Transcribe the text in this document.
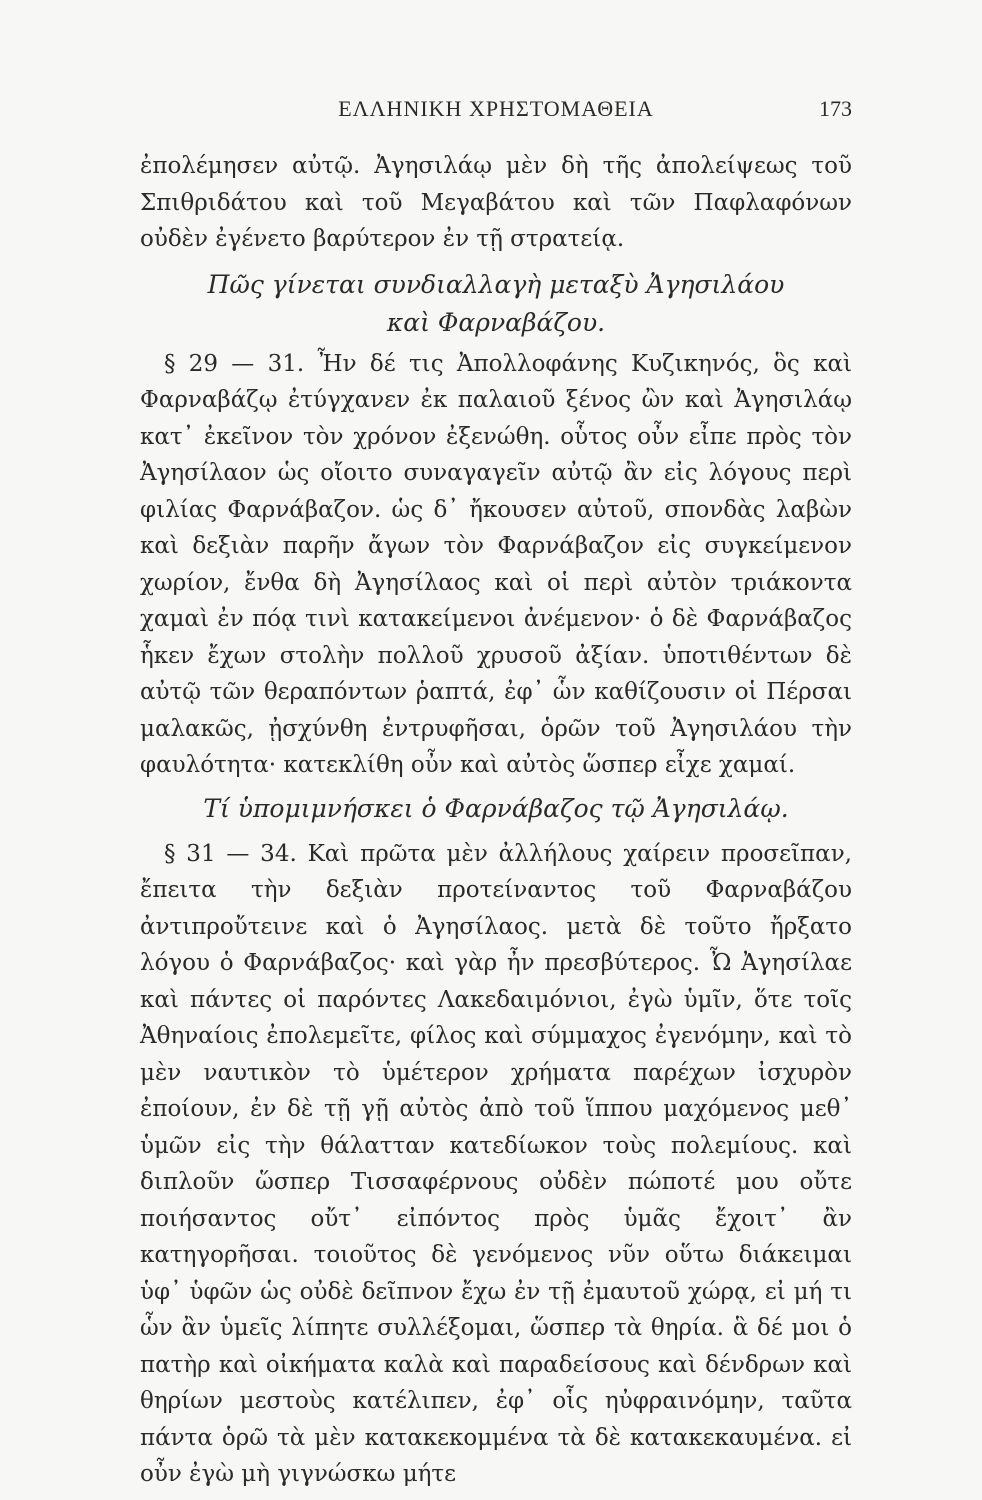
ΕΛΛΗΝΙΚΗ ΧΡΗΣΤΟΜΑΘΕΙΑ	173

ἐπολέμησεν αὐτῷ. Ἀγησιλάῳ μὲν δὴ τῆς ἀπολείψεως τοῦ Σπιθριδάτου καὶ τοῦ Μεγαβάτου καὶ τῶν Παφλαφόνων οὐδὲν ἐγένετο βαρύτερον ἐν τῇ στρατείᾳ.

Πῶς γίνεται συνδιαλλαγὴ μεταξὺ Ἀγησιλάου
καὶ Φαρναβάζου.

§ 29 — 31. Ἦν δέ τις Ἀπολλοφάνης Κυζικηνός, ὃς καὶ Φαρναβάζῳ ἐτύγχανεν ἐκ παλαιοῦ ξένος ὢν καὶ Ἀγησιλάῳ κατ᾽ ἐκεῖνον τὸν χρόνον ἐξενώθη. οὗτος οὖν εἶπε πρὸς τὸν Ἀγησίλαον ὡς οἴοιτο συναγαγεῖν αὐτῷ ἂν εἰς λόγους περὶ φιλίας Φαρνάβαζον. ὡς δ᾽ ἤκουσεν αὐτοῦ, σπονδὰς λαβὼν καὶ δεξιὰν παρῆν ἄγων τὸν Φαρνάβαζον εἰς συγκείμενον χωρίον, ἔνθα δὴ Ἀγησίλαος καὶ οἱ περὶ αὐτὸν τριάκοντα χαμαὶ ἐν πόᾳ τινὶ κατακείμενοι ἀνέμενον· ὁ δὲ Φαρνάβαζος ἧκεν ἔχων στολὴν πολλοῦ χρυσοῦ ἀξίαν. ὑποτιθέντων δὲ αὐτῷ τῶν θεραπόντων ῥαπτά, ἐφ᾽ ὧν καθίζουσιν οἱ Πέρσαι μαλακῶς, ᾐσχύνθη ἐντρυφῆσαι, ὁρῶν τοῦ Ἀγησιλάου τὴν φαυλότητα· κατεκλίθη οὖν καὶ αὐτὸς ὥσπερ εἶχε χαμαί.

Τί ὑπομιμνήσκει ὁ Φαρνάβαζος τῷ Ἀγησιλάῳ.

§ 31 — 34. Καὶ πρῶτα μὲν ἀλλήλους χαίρειν προσεῖπαν, ἔπειτα τὴν δεξιὰν προτείναντος τοῦ Φαρναβάζου ἀντιπροὔτεινε καὶ ὁ Ἀγησίλαος. μετὰ δὲ τοῦτο ἤρξατο λόγου ὁ Φαρνάβαζος· καὶ γὰρ ἦν πρεσβύτερος. Ὦ Ἀγησίλαε καὶ πάντες οἱ παρόντες Λακεδαιμόνιοι, ἐγὼ ὑμῖν, ὅτε τοῖς Ἀθηναίοις ἐπολεμεῖτε, φίλος καὶ σύμμαχος ἐγενόμην, καὶ τὸ μὲν ναυτικὸν τὸ ὑμέτερον χρήματα παρέχων ἰσχυρὸν ἐποίουν, ἐν δὲ τῇ γῇ αὐτὸς ἀπὸ τοῦ ἵππου μαχόμενος μεθ᾽ ὑμῶν εἰς τὴν θάλατταν κατεδίωκον τοὺς πολεμίους. καὶ διπλοῦν ὥσπερ Τισσαφέρνους οὐδὲν πώποτέ μου οὔτε ποιήσαντος οὔτ᾽ εἰπόντος πρὸς ὑμᾶς ἔχοιτ᾽ ἂν κατηγορῆσαι. τοιοῦτος δὲ γενόμενος νῦν οὕτω διάκειμαι ὑφ᾽ ὑφῶν ὡς οὐδὲ δεῖπνον ἔχω ἐν τῇ ἐμαυτοῦ χώρᾳ, εἰ μή τι ὧν ἂν ὑμεῖς λίπητε συλλέξομαι, ὥσπερ τὰ θηρία. ἃ δέ μοι ὁ πατὴρ καὶ οἰκήματα καλὰ καὶ παραδείσους καὶ δένδρων καὶ θηρίων μεστοὺς κατέλιπεν, ἐφ᾽ οἷς ηὐφραινόμην, ταῦτα πάντα ὁρῶ τὰ μὲν κατακεκομμένα τὰ δὲ κατακεκαυμένα. εἰ οὖν ἐγὼ μὴ γιγνώσκω μήτε
